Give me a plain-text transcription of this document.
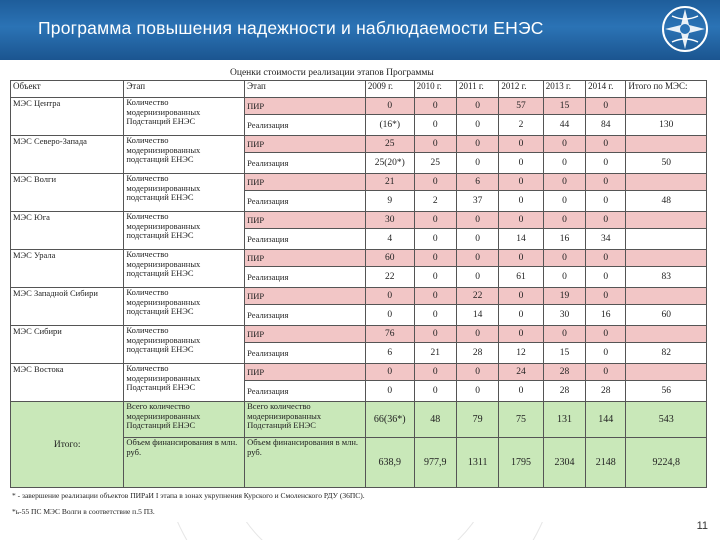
Программа повышения надежности и наблюдаемости ЕНЭС
Оценки стоимости реализации этапов Программы
Объект	Этап	Этап	2009 г.	2010 г.	2011 г.	2012 г.	2013 г.	2014 г.	Итого по МЭС:
МЭС Центра	Количество модернизированных Подстанций ЕНЭС	ПИР	0	0	0	57	15	0	
		Реализация	(16*)	0	0	2	44	84	130
МЭС Северо-Запада	Количество модернизированных подстанций ЕНЭС	ПИР	25	0	0	0	0	0	
		Реализация	25(20*)	25	0	0	0	0	50
МЭС Волги	Количество модернизированных подстанций ЕНЭС	ПИР	21	0	6	0	0	0	
		Реализация	9	2	37	0	0	0	48
МЭС Юга	Количество модернизированных подстанций ЕНЭС	ПИР	30	0	0	0	0	0	
		Реализация	4	0	0	14	16	34	
МЭС Урала	Количество модернизированных подстанций ЕНЭС	ПИР	60	0	0	0	0	0	
		Реализация	22	0	0	61	0	0	83
МЭС Западной Сибири	Количество модернизированных подстанций ЕНЭС	ПИР	0	0	22	0	19	0	
		Реализация	0	0	14	0	30	16	60
МЭС Сибири	Количество модернизированных подстанций ЕНЭС	ПИР	76	0	0	0	0	0	
		Реализация	6	21	28	12	15	0	82
МЭС Востока	Количество модернизированных Подстанций ЕНЭС	ПИР	0	0	0	24	28	0	
		Реализация	0	0	0	0	28	28	56
Итого:	Всего количество модернизированных Подстанций ЕНЭС	Всего количество модернизированных Подстанций ЕНЭС	66(36*)	48	79	75	131	144	543
	Объем финансирования в млн. руб.	Объем финансирования в млн. руб.	638,9	977,9	1311	1795	2304	2148	9224,8
* - завершение реализации объектов ПИРаИ I этапа в зонах укрупнения Курского и Смоленского РДУ (36ПС).
*ь-55 ПС МЭС Волги в соответствие п.5 ПЗ.
11
